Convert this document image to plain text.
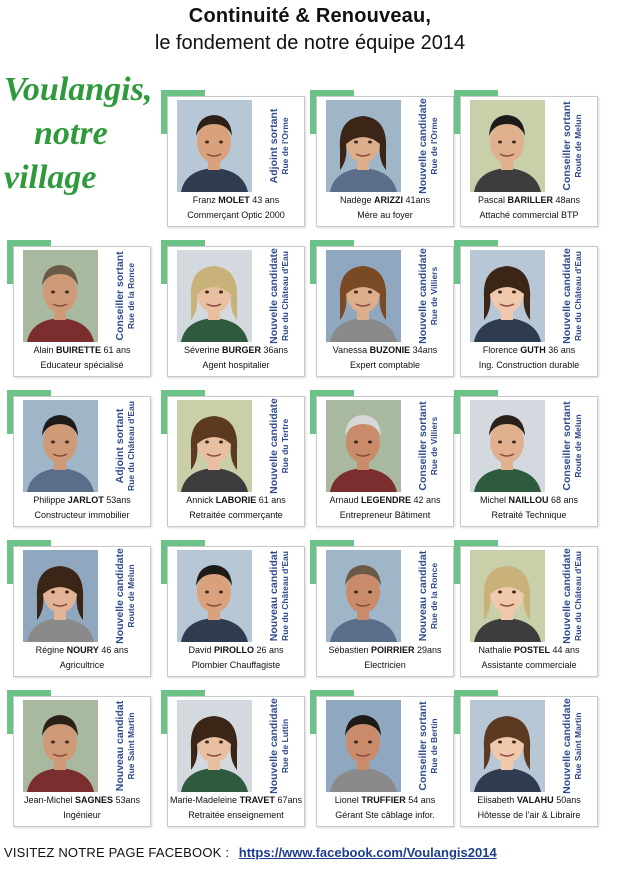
Continuité & Renouveau,
le fondement de notre équipe 2014
Voulangis,
notre
village	Adjoint sortant Rue de l'Orme
Franz MOLET 43 ans
Commerçant Optic 2000
Nouvelle candidate Rue de l'Orme
Nadège ARIZZI 41ans
Mère au foyer
Conseiller sortant Route de Melun
Pascal BARILLER 48ans
Attaché commercial BTP
Conseiller sortant Rue de la Ronce
Alain BUIRETTE 61 ans
Educateur spécialisé
Nouvelle candidate Rue du Château d'Eau
Séverine BURGER 36ans
Agent hospitalier
Nouvelle candidate Rue de Villiers
Vanessa BUZONIE 34ans
Expert comptable
Nouvelle candidate Rue du Château d'Eau
Florence GUTH 36 ans
Ing. Construction durable
Adjoint sortant Rue du Château d'Eau
Philippe JARLOT 53ans
Constructeur immobilier
Nouvelle candidate Rue du Tertre
Annick LABORIE 61 ans
Retraitée commerçante
Conseiller sortant Rue de Villiers
Arnaud LEGENDRE 42 ans
Entrepreneur Bâtiment
Conseiller sortant Route de Melun
Michel NAILLOU 68 ans
Retraité Technique
Nouvelle candidate Route de Melun
Régine NOURY 46 ans
Agricultrice
Nouveau candidat Rue du Château d'Eau
David PIROLLO 26 ans
Plombier Chauffagiste
Nouveau candidat Rue de la Ronce
Sébastien POIRRIER 29ans
Electricien
Nouvelle candidate Rue du Château d'Eau
Nathalie POSTEL 44 ans
Assistante commerciale
Nouveau candidat Rue Saint Martin
Jean-Michel SAGNES 53ans
Ingénieur
Nouvelle candidate Rue de Luttin
Marie-Madeleine TRAVET 67ans
Retraitée enseignement
Conseiller sortant Rue de Bertin
Lionel TRUFFIER 54 ans
Gérant Ste câblage infor.
Nouvelle candidate Rue Saint Martin
Elisabeth VALAHU 50ans
Hôtesse de l'air & Libraire
VISITEZ NOTRE PAGE FACEBOOK : https://www.facebook.com/Voulangis2014
